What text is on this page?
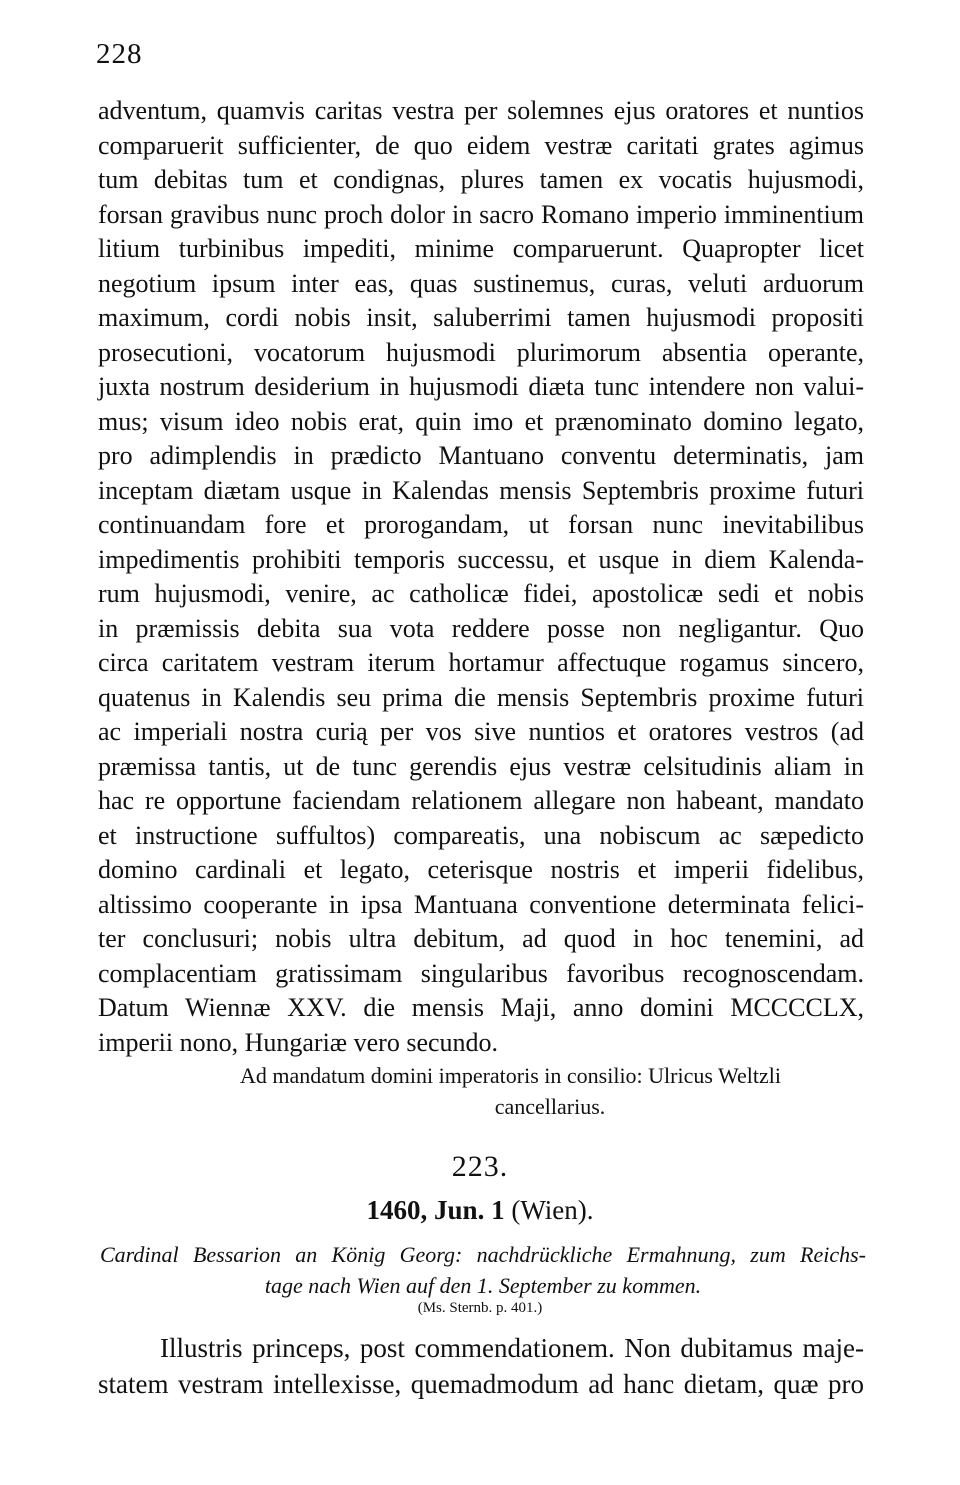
228
adventum, quamvis caritas vestra per solemnes ejus oratores et nuntios
comparuerit sufficienter, de quo eidem vestræ caritati grates agimus
tum debitas tum et condignas, plures tamen ex vocatis hujusmodi,
forsan gravibus nunc proch dolor in sacro Romano imperio imminentium
litium turbinibus impediti, minime comparuerunt. Quapropter licet
negotium ipsum inter eas, quas sustinemus, curas, veluti arduorum
maximum, cordi nobis insit, saluberrimi tamen hujusmodi propositi
prosecutioni, vocatorum hujusmodi plurimorum absentia operante,
juxta nostrum desiderium in hujusmodi diæta tunc intendere non valui-
mus; visum ideo nobis erat, quin imo et prænominato domino legato,
pro adimplendis in prædicto Mantuano conventu determinatis, jam
inceptam diætam usque in Kalendas mensis Septembris proxime futuri
continuandam fore et prorogandam, ut forsan nunc inevitabilibus
impedimentis prohibiti temporis successu, et usque in diem Kalenda-
rum hujusmodi, venire, ac catholicæ fidei, apostolicæ sedi et nobis
in præmissis debita sua vota reddere posse non negligantur. Quo
circa caritatem vestram iterum hortamur affectuque rogamus sincero,
quatenus in Kalendis seu prima die mensis Septembris proxime futuri
ac imperiali nostra curią per vos sive nuntios et oratores vestros (ad
præmissa tantis, ut de tunc gerendis ejus vestræ celsitudinis aliam in
hac re opportune faciendam relationem allegare non habeant, mandato
et instructione suffultos) compareatis, una nobiscum ac sæpedicto
domino cardinali et legato, ceterisque nostris et imperii fidelibus,
altissimo cooperante in ipsa Mantuana conventione determinata felici-
ter conclusuri; nobis ultra debitum, ad quod in hoc tenemini, ad
complacentiam gratissimam singularibus favoribus recognoscendam.
Datum Wiennæ XXV. die mensis Maji, anno domini MCCCCLX,
imperii nono, Hungariæ vero secundo.
Ad mandatum domini imperatoris in consilio: Ulricus Weltzli
cancellarius.
223.
1460, Jun. 1 (Wien).
Cardinal Bessarion an König Georg: nachdrückliche Ermahnung, zum Reichs-
tage nach Wien auf den 1. September zu kommen.
(Ms. Sternb. p. 401.)
Illustris princeps, post commendationem. Non dubitamus maje-
statem vestram intellexisse, quemadmodum ad hanc dietam, quæ pro
